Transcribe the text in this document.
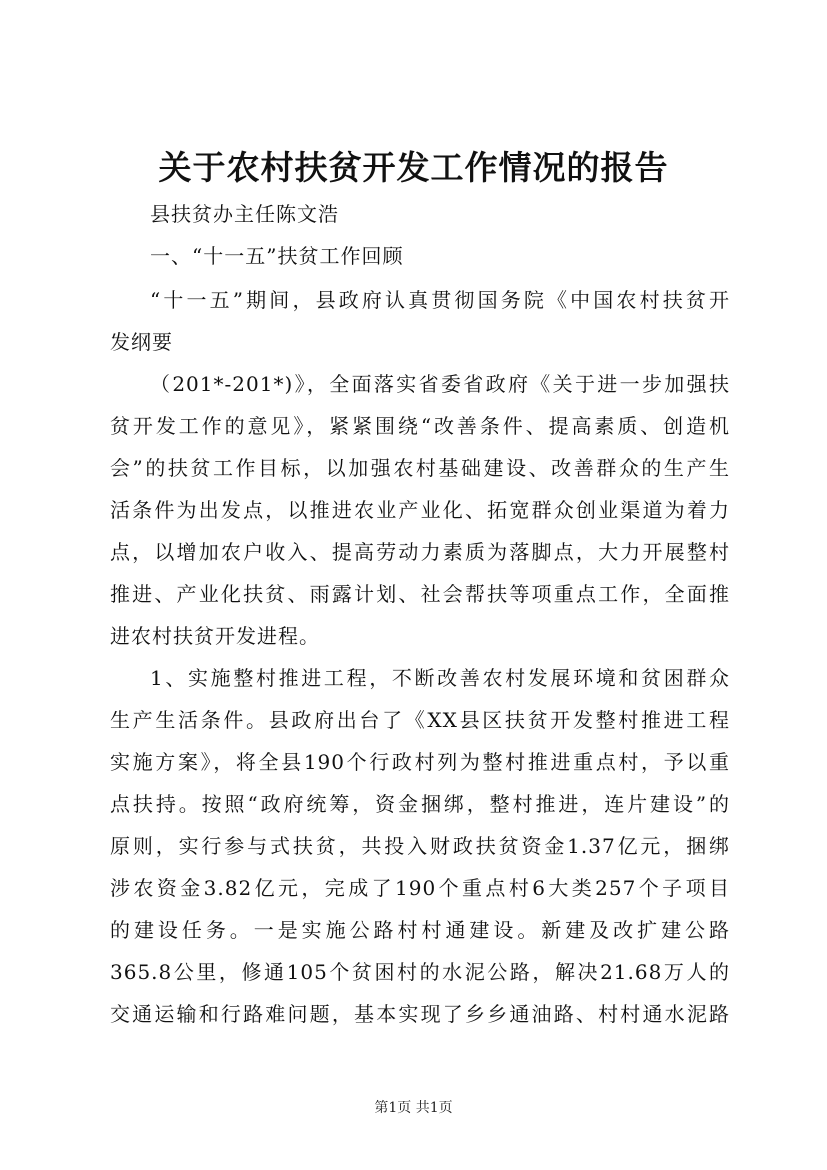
关于农村扶贫开发工作情况的报告
县扶贫办主任陈文浩
一、“十一五”扶贫工作回顾
“十一五”期间，县政府认真贯彻国务院《中国农村扶贫开
发纲要
（201*-201*)》，全面落实省委省政府《关于进一步加强扶
贫开发工作的意见》，紧紧围绕“改善条件、提高素质、创造机
会”的扶贫工作目标，以加强农村基础建设、改善群众的生产生
活条件为出发点，以推进农业产业化、拓宽群众创业渠道为着力
点，以增加农户收入、提高劳动力素质为落脚点，大力开展整村
推进、产业化扶贫、雨露计划、社会帮扶等项重点工作，全面推
进农村扶贫开发进程。
1、实施整村推进工程，不断改善农村发展环境和贫困群众
生产生活条件。县政府出台了《XX县区扶贫开发整村推进工程
实施方案》，将全县190个行政村列为整村推进重点村，予以重
点扶持。按照“政府统筹，资金捆绑，整村推进，连片建设”的
原则，实行参与式扶贫，共投入财政扶贫资金1.37亿元，捆绑
涉农资金3.82亿元，完成了190个重点村6大类257个子项目
的建设任务。一是实施公路村村通建设。新建及改扩建公路
365.8公里，修通105个贫困村的水泥公路，解决21.68万人的
交通运输和行路难问题，基本实现了乡乡通油路、村村通水泥路
第1页 共1页
